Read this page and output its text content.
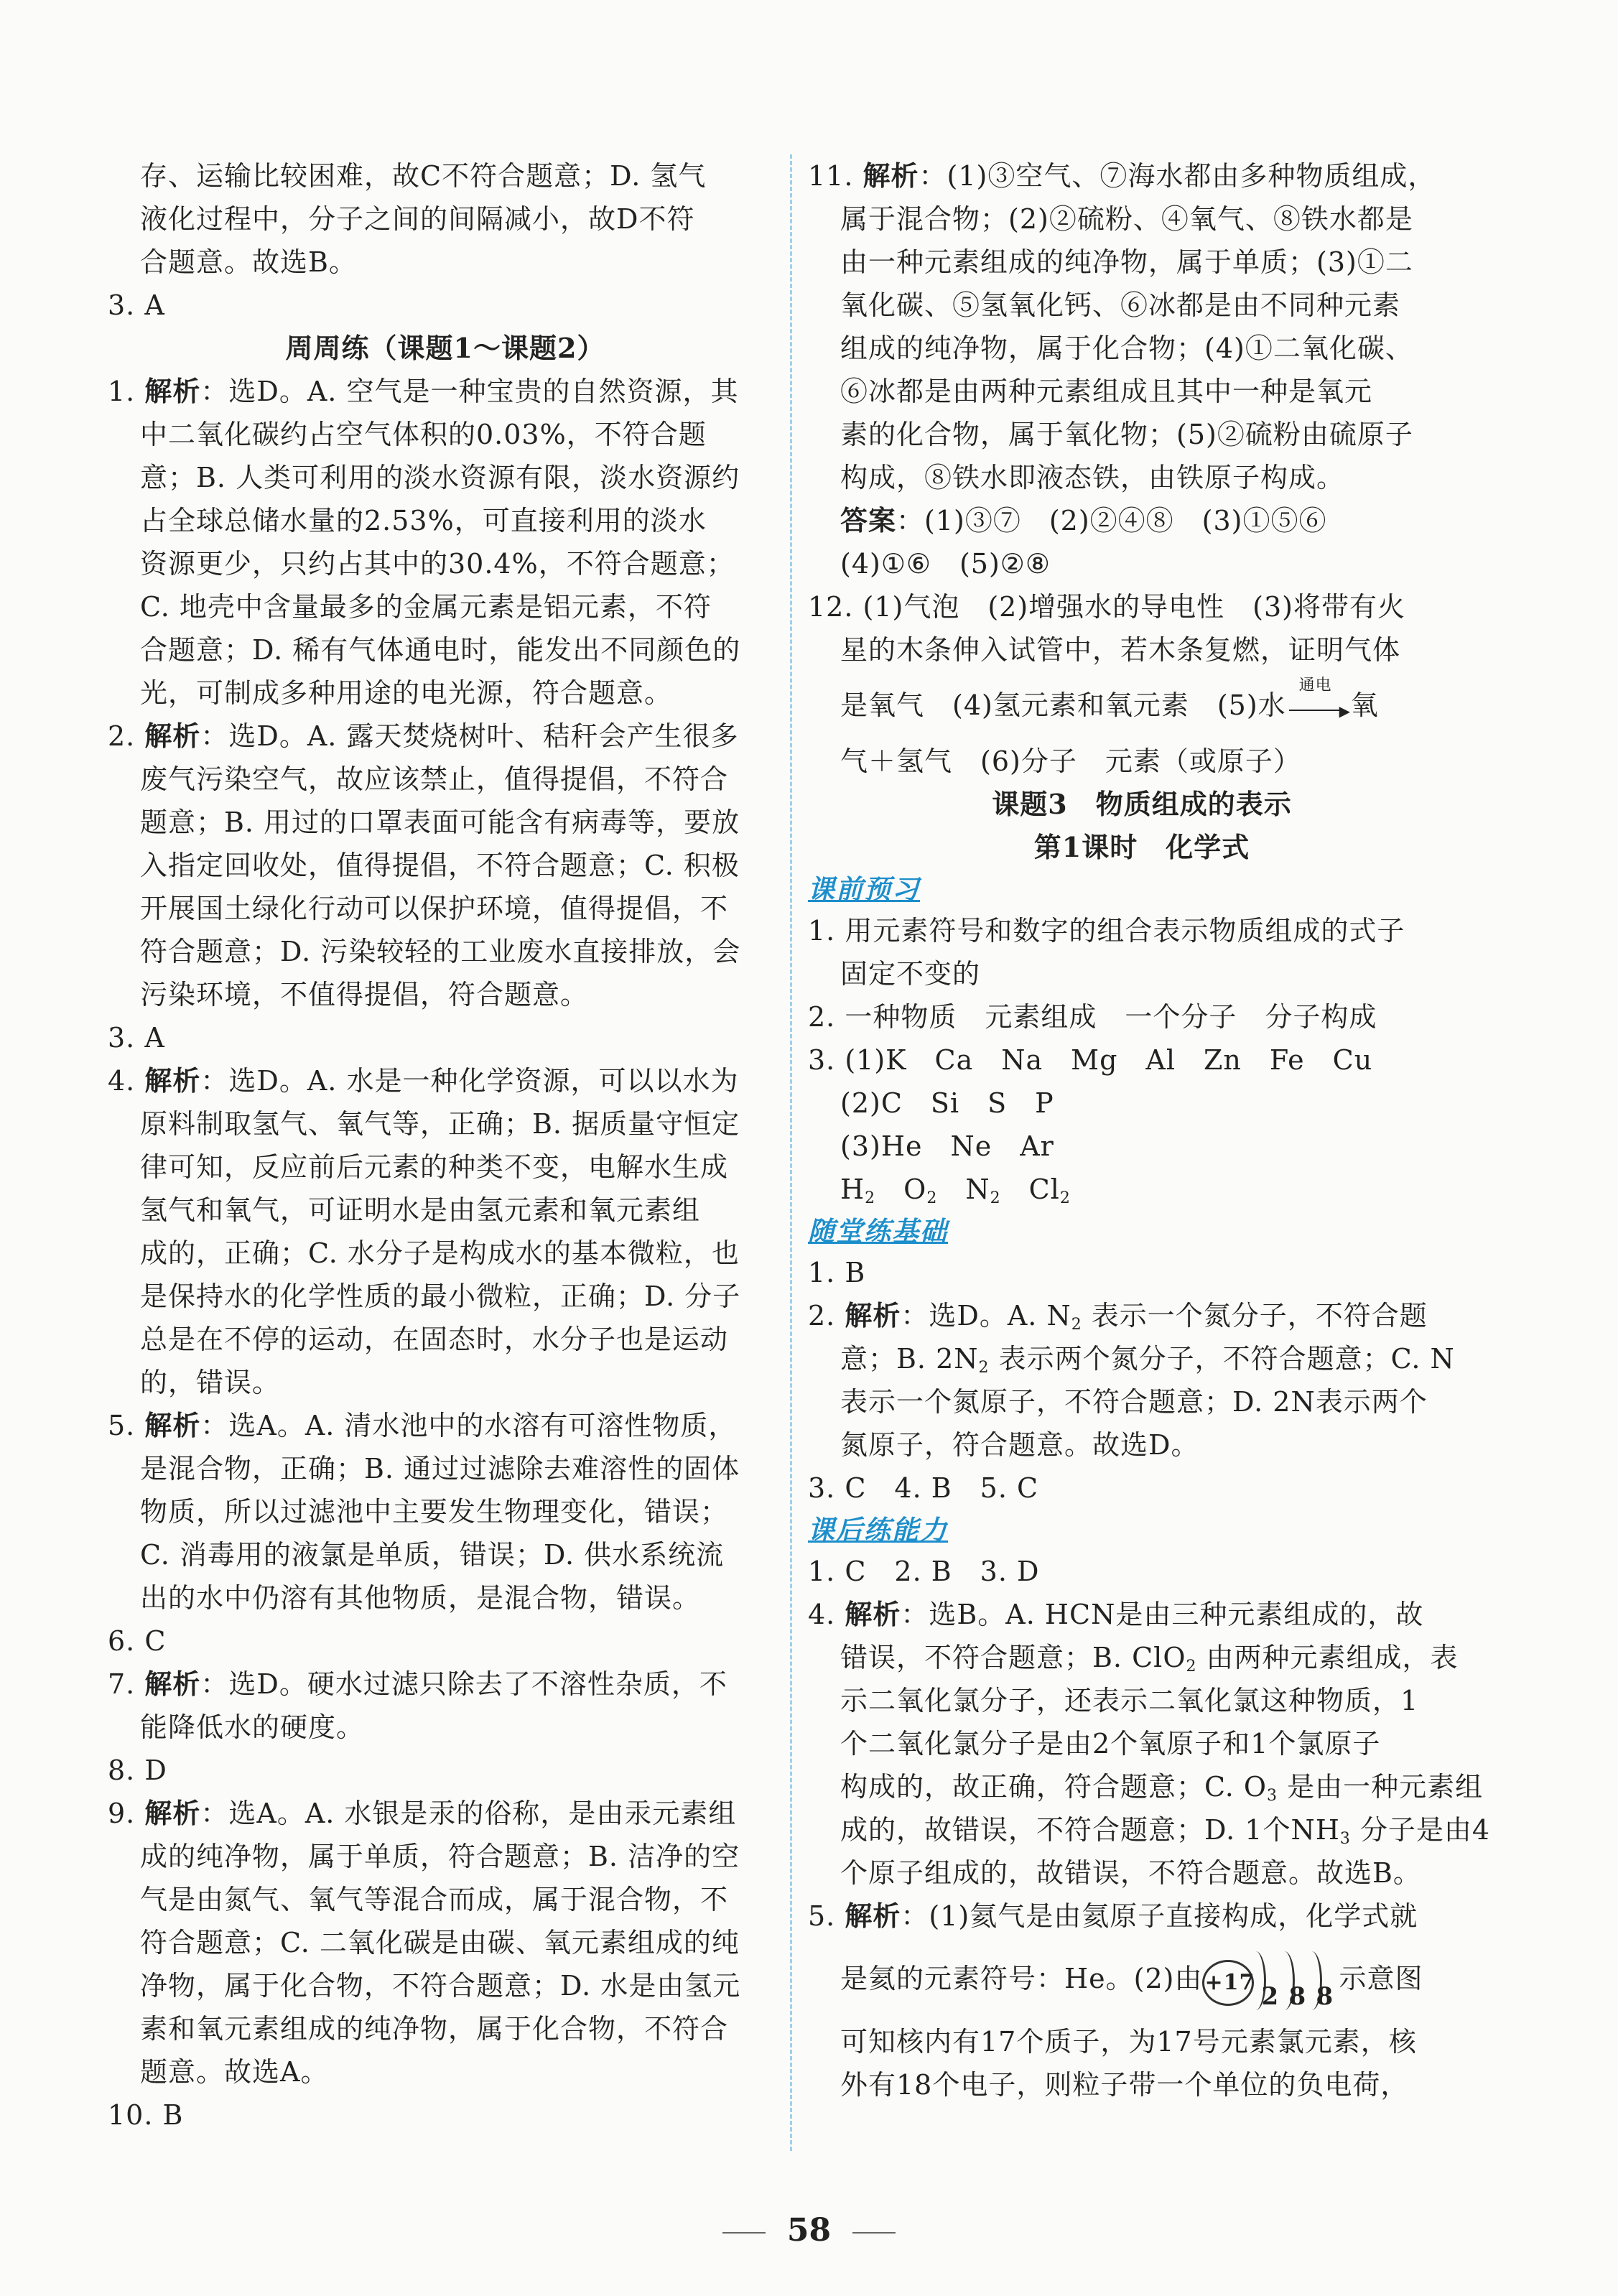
存、运输比较困难，故C不符合题意；D. 氢气
液化过程中，分子之间的间隔减小，故D不符
合题意。故选B。
3. A
周周练（课题1～课题2）
1. 解析：选D。A. 空气是一种宝贵的自然资源，其
中二氧化碳约占空气体积的0.03%，不符合题
意；B. 人类可利用的淡水资源有限，淡水资源约
占全球总储水量的2.53%，可直接利用的淡水
资源更少，只约占其中的30.4%，不符合题意；
C. 地壳中含量最多的金属元素是铝元素，不符
合题意；D. 稀有气体通电时，能发出不同颜色的
光，可制成多种用途的电光源，符合题意。
2. 解析：选D。A. 露天焚烧树叶、秸秆会产生很多
废气污染空气，故应该禁止，值得提倡，不符合
题意；B. 用过的口罩表面可能含有病毒等，要放
入指定回收处，值得提倡，不符合题意；C. 积极
开展国土绿化行动可以保护环境，值得提倡，不
符合题意；D. 污染较轻的工业废水直接排放，会
污染环境，不值得提倡，符合题意。
3. A
4. 解析：选D。A. 水是一种化学资源，可以以水为
原料制取氢气、氧气等，正确；B. 据质量守恒定
律可知，反应前后元素的种类不变，电解水生成
氢气和氧气，可证明水是由氢元素和氧元素组
成的，正确；C. 水分子是构成水的基本微粒，也
是保持水的化学性质的最小微粒，正确；D. 分子
总是在不停的运动，在固态时，水分子也是运动
的，错误。
5. 解析：选A。A. 清水池中的水溶有可溶性物质，
是混合物，正确；B. 通过过滤除去难溶性的固体
物质，所以过滤池中主要发生物理变化，错误；
C. 消毒用的液氯是单质，错误；D. 供水系统流
出的水中仍溶有其他物质，是混合物，错误。
6. C
7. 解析：选D。硬水过滤只除去了不溶性杂质，不
能降低水的硬度。
8. D
9. 解析：选A。A. 水银是汞的俗称，是由汞元素组
成的纯净物，属于单质，符合题意；B. 洁净的空
气是由氮气、氧气等混合而成，属于混合物，不
符合题意；C. 二氧化碳是由碳、氧元素组成的纯
净物，属于化合物，不符合题意；D. 水是由氢元
素和氧元素组成的纯净物，属于化合物，不符合
题意。故选A。
10. B
11. 解析：(1)③空气、⑦海水都由多种物质组成，
属于混合物；(2)②硫粉、④氧气、⑧铁水都是
由一种元素组成的纯净物，属于单质；(3)①二
氧化碳、⑤氢氧化钙、⑥冰都是由不同种元素
组成的纯净物，属于化合物；(4)①二氧化碳、
⑥冰都是由两种元素组成且其中一种是氧元
素的化合物，属于氧化物；(5)②硫粉由硫原子
构成，⑧铁水即液态铁，由铁原子构成。
答案：(1)③⑦　(2)②④⑧　(3)①⑤⑥
(4)①⑥　(5)②⑧
12. (1)气泡　(2)增强水的导电性　(3)将带有火
星的木条伸入试管中，若木条复燃，证明气体
是氧气　(4)氢元素和氧元素　(5)水
通电
▶ 氧
气＋氢气　(6)分子　元素（或原子）
课题3　物质组成的表示
第1课时　化学式
课前预习
1. 用元素符号和数字的组合表示物质组成的式子
固定不变的
2. 一种物质　元素组成　一个分子　分子构成
3. (1)K　Ca　Na　Mg　Al　Zn　Fe　Cu
(2)C　Si　S　P
(3)He　Ne　Ar
$H_2$　 $O_2$　 $N_2$　 $Cl_2$
随堂练基础
1. B
2. 解析：选D。A. $N_2$ 表示一个氮分子，不符合题
意；B. $2N_2$ 表示两个氮分子，不符合题意；C. N
表示一个氮原子，不符合题意；D. 2N表示两个
氮原子，符合题意。故选D。
3. C　4. B　5. C
课后练能力
1. C　2. B　3. D
4. 解析：选B。A. HCN是由三种元素组成的，故
错误，不符合题意；B. ClO$_2$ 由两种元素组成，表
示二氧化氯分子，还表示二氧化氯这种物质，1
个二氧化氯分子是由2个氧原子和1个氯原子
构成的，故正确，符合题意；C. $O_3$ 是由一种元素组
成的，故错误，不符合题意；D. 1个$NH_3$ 分子是由4
个原子组成的，故错误，不符合题意。故选B。
5. 解析：(1)氦气是由氦原子直接构成，化学式就
是氦的元素符号：He。(2)由 +17 2 8 8
示意图
可知核内有17个质子，为17号元素氯元素，核
外有18个电子，则粒子带一个单位的负电荷，
58
